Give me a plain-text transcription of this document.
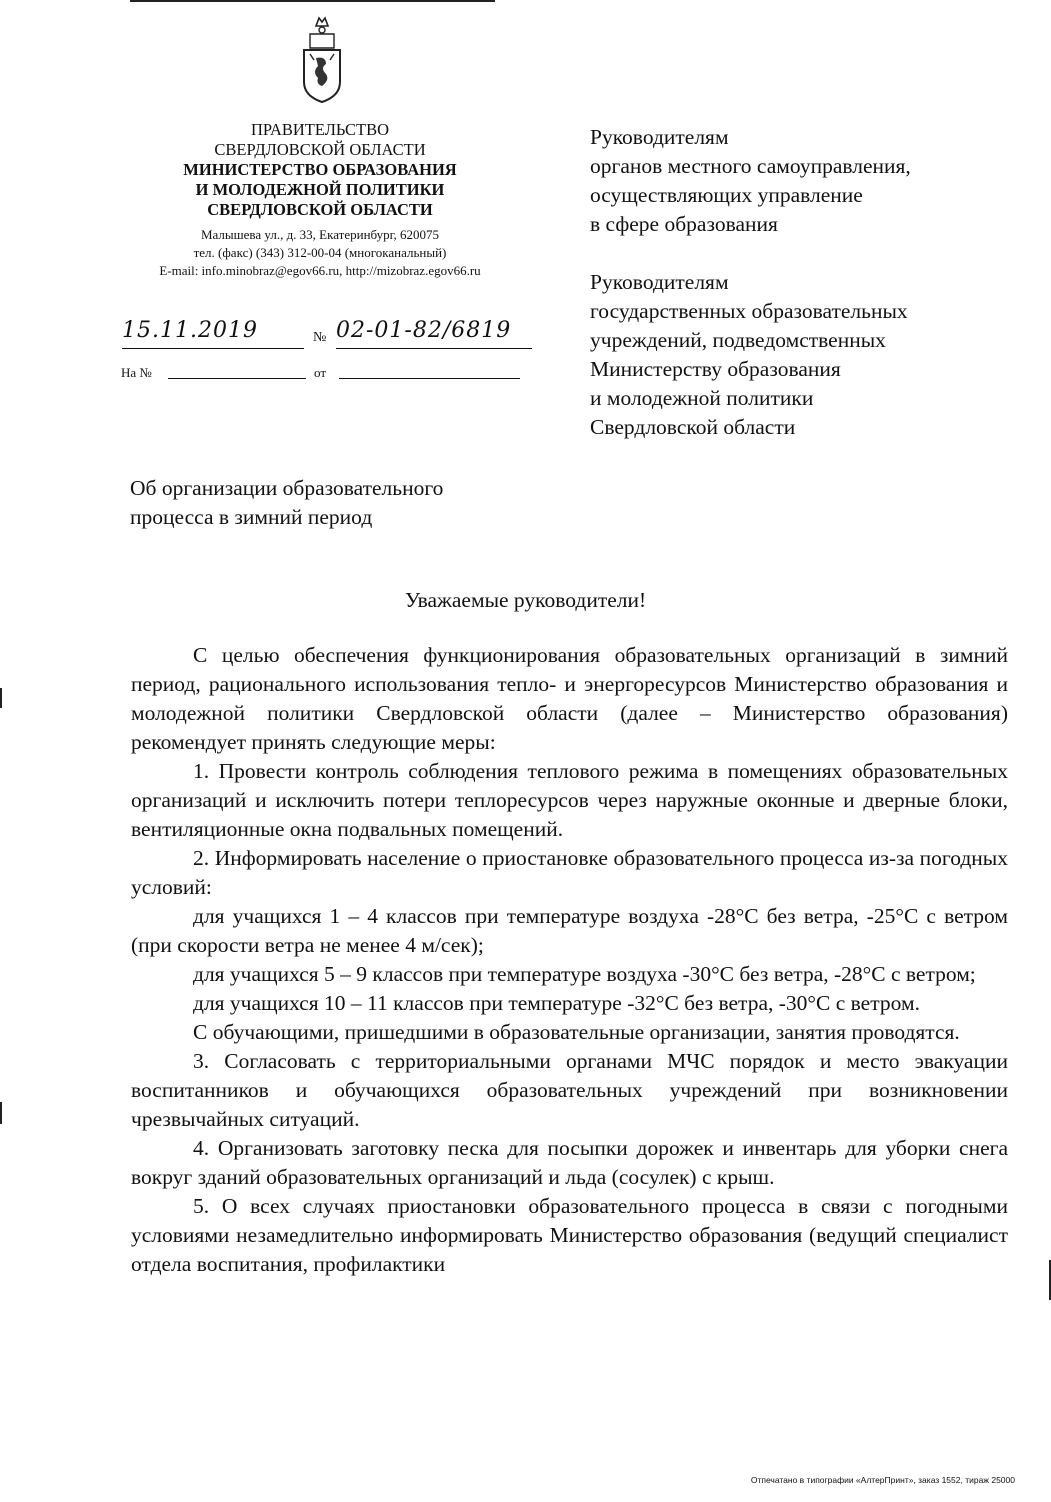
ПРАВИТЕЛЬСТВО
СВЕРДЛОВСКОЙ ОБЛАСТИ
МИНИСТЕРСТВО ОБРАЗОВАНИЯ
И МОЛОДЕЖНОЙ ПОЛИТИКИ
СВЕРДЛОВСКОЙ ОБЛАСТИ
Малышева ул., д. 33, Екатеринбург, 620075
тел. (факс) (343) 312-00-04 (многоканальный)
E-mail: info.minobraz@egov66.ru, http://mizobraz.egov66.ru
15.11.2019	№ 02-01-82/6819
На №	от
Руководителям
органов местного самоуправления,
осуществляющих управление
в сфере образования
Руководителям
государственных образовательных
учреждений, подведомственных
Министерству образования
и молодежной политики
Свердловской области
Об организации образовательного
процесса в зимний период
Уважаемые руководители!

С целью обеспечения функционирования образовательных организаций в зимний период, рационального использования тепло- и энергоресурсов Министерство образования и молодежной политики Свердловской области (далее – Министерство образования) рекомендует принять следующие меры:

1. Провести контроль соблюдения теплового режима в помещениях образовательных организаций и исключить потери теплоресурсов через наружные оконные и дверные блоки, вентиляционные окна подвальных помещений.

2. Информировать население о приостановке образовательного процесса из-за погодных условий:

для учащихся 1 – 4 классов при температуре воздуха -28°С без ветра, -25°С с ветром (при скорости ветра не менее 4 м/сек);

для учащихся 5 – 9 классов при температуре воздуха -30°С без ветра, -28°С с ветром;

для учащихся 10 – 11 классов при температуре -32°С без ветра, -30°С с ветром.

С обучающими, пришедшими в образовательные организации, занятия проводятся.

3. Согласовать с территориальными органами МЧС порядок и место эвакуации воспитанников и обучающихся образовательных учреждений при возникновении чрезвычайных ситуаций.

4. Организовать заготовку песка для посыпки дорожек и инвентарь для уборки снега вокруг зданий образовательных организаций и льда (сосулек) с крыш.

5. О всех случаях приостановки образовательного процесса в связи с погодными условиями незамедлительно информировать Министерство образования (ведущий специалист отдела воспитания, профилактики

Отпечатано в типографии «АлтерПринт», заказ 1552, тираж 25000
